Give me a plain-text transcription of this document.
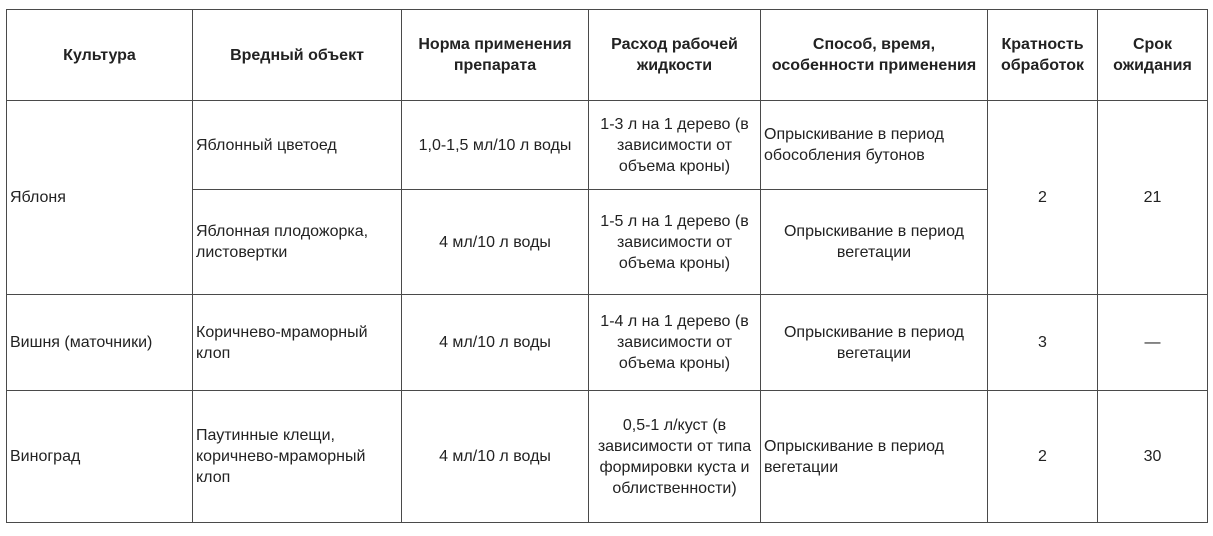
Культура	Вредный объект	Норма применения препарата	Расход рабочей жидкости	Способ, время, особенности применения	Кратность обработок	Срок ожидания
Яблоня	Яблонный цветоед	1,0-1,5 мл/10 л воды	1-3 л на 1 дерево (в зависимости от объема кроны)	Опрыскивание в период обособления бутонов	2	21
	Яблонная плодожорка, листовертки	4 мл/10 л воды	1-5 л на 1 дерево (в зависимости от объема кроны)	Опрыскивание в период вегетации		
Вишня (маточники)	Коричнево-мраморный клоп	4 мл/10 л воды	1-4 л на 1 дерево (в зависимости от объема кроны)	Опрыскивание в период вегетации	3	—
Виноград	Паутинные клещи, коричнево-мраморный клоп	4 мл/10 л воды	0,5-1 л/куст (в зависимости от типа формировки куста и облиственности)	Опрыскивание в период вегетации	2	30
